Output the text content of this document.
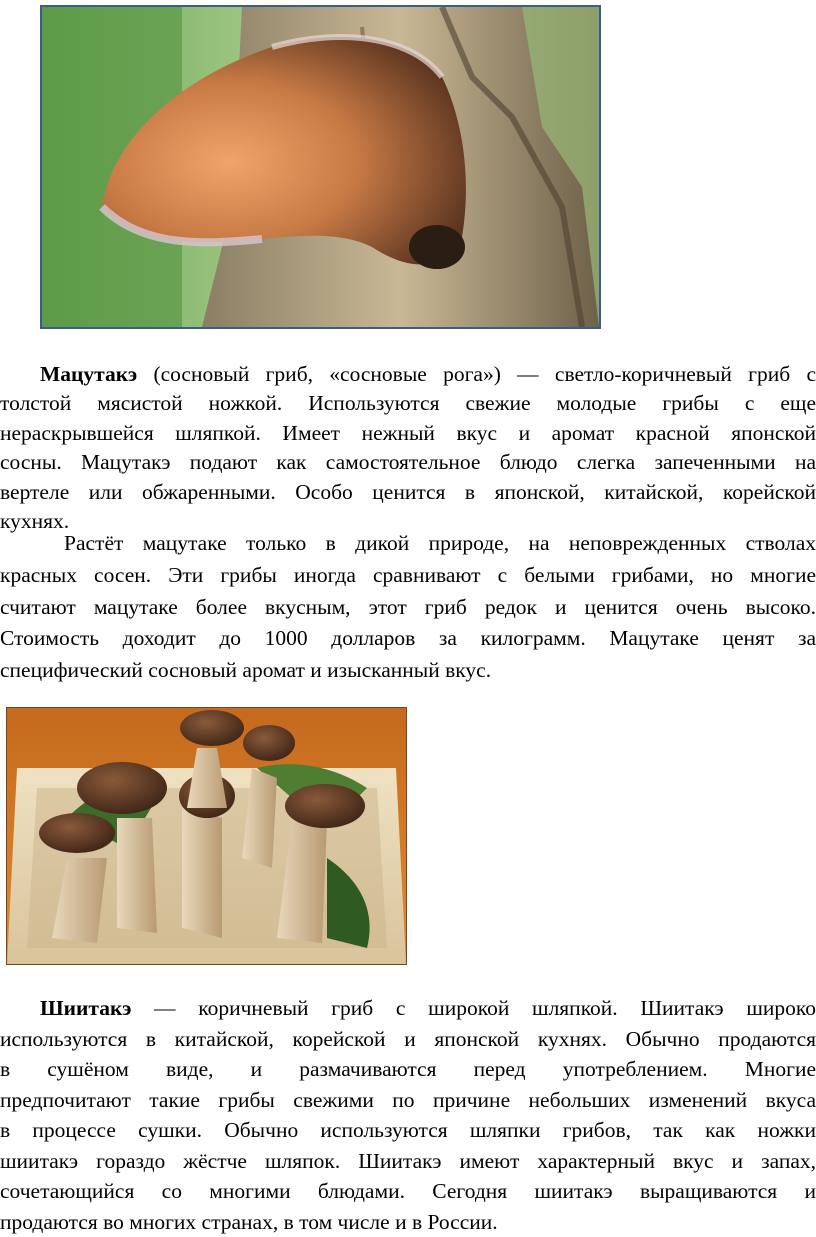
Мацутакэ (сосновый гриб, «сосновые рога») — светло-коричневый гриб с
толстой мясистой ножкой. Используются свежие молодые грибы с еще
нераскрывшейся шляпкой. Имеет нежный вкус и аромат красной японской
сосны. Мацутакэ подают как самостоятельное блюдо слегка запеченными на
вертеле или обжаренными. Особо ценится в японской, китайской, корейской
кухнях.
Растёт мацутаке только в дикой природе, на неповрежденных стволах
красных сосен. Эти грибы иногда сравнивают с белыми грибами, но многие
считают мацутаке более вкусным, этот гриб редок и ценится очень высоко.
Стоимость доходит до 1000 долларов за килограмм. Мацутаке ценят за
специфический сосновый аромат и изысканный вкус.
Шиитакэ — коричневый гриб с широкой шляпкой. Шиитакэ широко
используются в китайской, корейской и японской кухнях. Обычно продаются
в сушёном виде, и размачиваются перед употреблением. Многие
предпочитают такие грибы свежими по причине небольших изменений вкуса
в процессе сушки. Обычно используются шляпки грибов, так как ножки
шиитакэ гораздо жёстче шляпок. Шиитакэ имеют характерный вкус и запах,
сочетающийся со многими блюдами. Сегодня шиитакэ выращиваются и
продаются во многих странах, в том числе и в России.
